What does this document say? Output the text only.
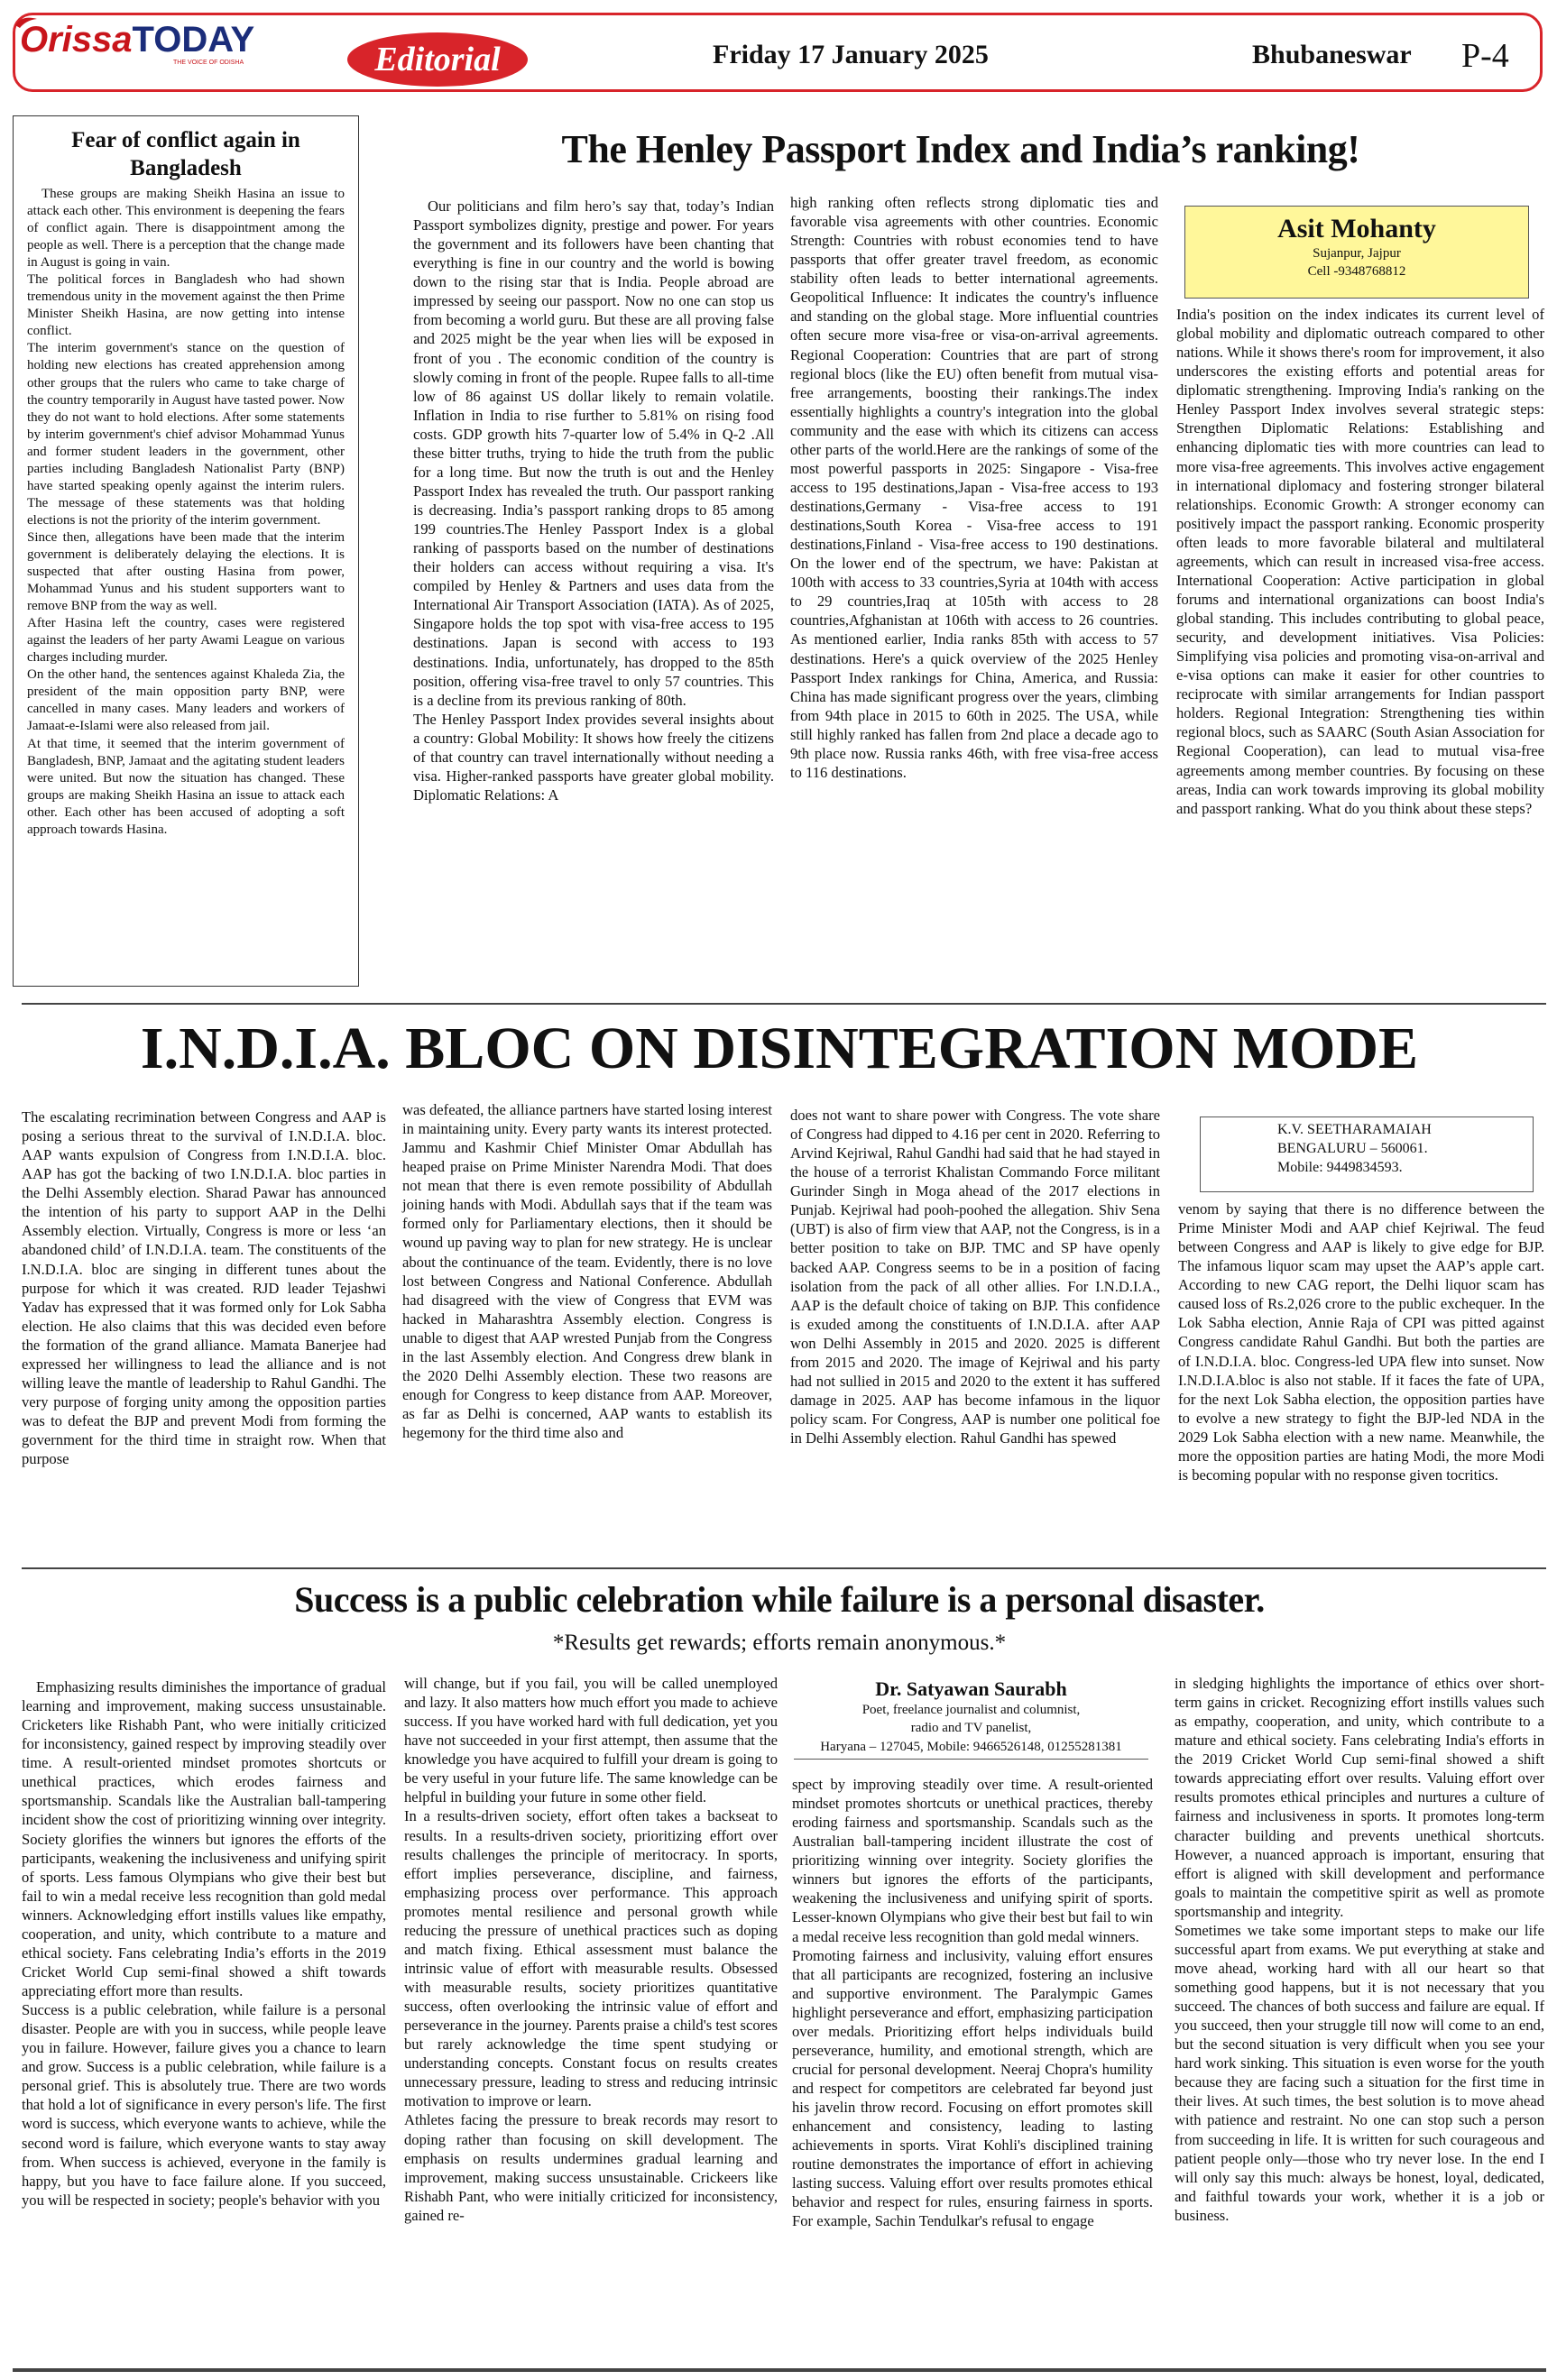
OrissaTODAY
THE VOICE OF ODISHA	Editorial	Friday 17 January 2025	Bhubaneswar P-4
Fear of conflict again in Bangladesh

These groups are making Sheikh Hasina an issue to attack each other. This environment is deepening the fears of conflict again. There is disappointment among the people as well. There is a perception that the change made in August is going in vain.

The political forces in Bangladesh who had shown tremendous unity in the movement against the then Prime Minister Sheikh Hasina, are now getting into intense conflict.

The interim government's stance on the question of holding new elections has created apprehension among other groups that the rulers who came to take charge of the country temporarily in August have tasted power. Now they do not want to hold elections. After some statements by interim government's chief advisor Mohammad Yunus and former student leaders in the government, other parties including Bangladesh Nationalist Party (BNP) have started speaking openly against the interim rulers. The message of these statements was that holding elections is not the priority of the interim government.

Since then, allegations have been made that the interim government is deliberately delaying the elections. It is suspected that after ousting Hasina from power, Mohammad Yunus and his student supporters want to remove BNP from the way as well.

After Hasina left the country, cases were registered against the leaders of her party Awami League on various charges including murder.

On the other hand, the sentences against Khaleda Zia, the president of the main opposition party BNP, were cancelled in many cases. Many leaders and workers of Jamaat-e-Islami were also released from jail.

At that time, it seemed that the interim government of Bangladesh, BNP, Jamaat and the agitating student leaders were united. But now the situation has changed. These groups are making Sheikh Hasina an issue to attack each other. Each other has been accused of adopting a soft approach towards Hasina.

The Henley Passport Index and India’s ranking!

Our politicians and film hero’s say that, today’s Indian Passport symbolizes dignity, prestige and power. For years the government and its followers have been chanting that everything is fine in our country and the world is bowing down to the rising star that is India. People abroad are impressed by seeing our passport. Now no one can stop us from becoming a world guru. But these are all proving false and 2025 might be the year when lies will be exposed in front of you . The economic condition of the country is slowly coming in front of the people. Rupee falls to all-time low of 86 against US dollar likely to remain volatile. Inflation in India to rise further to 5.81% on rising food costs. GDP growth hits 7-quarter low of 5.4% in Q-2 .All these bitter truths, trying to hide the truth from the public for a long time. But now the truth is out and the Henley Passport Index has revealed the truth. Our passport ranking is decreasing. India’s passport ranking drops to 85 among 199 countries.The Henley Passport Index is a global ranking of passports based on the number of destinations their holders can access without requiring a visa. It's compiled by Henley & Partners and uses data from the International Air Transport Association (IATA). As of 2025, Singapore holds the top spot with visa-free access to 195 destinations. Japan is second with access to 193 destinations. India, unfortunately, has dropped to the 85th position, offering visa-free travel to only 57 countries. This is a decline from its previous ranking of 80th.

The Henley Passport Index provides several insights about a country: Global Mobility: It shows how freely the citizens of that country can travel internationally without needing a visa. Higher-ranked passports have greater global mobility. Diplomatic Relations: A

high ranking often reflects strong diplomatic ties and favorable visa agreements with other countries. Economic Strength: Countries with robust economies tend to have passports that offer greater travel freedom, as economic stability often leads to better international agreements. Geopolitical Influence: It indicates the country's influence and standing on the global stage. More influential countries often secure more visa-free or visa-on-arrival agreements. Regional Cooperation: Countries that are part of strong regional blocs (like the EU) often benefit from mutual visa-free arrangements, boosting their rankings.The index essentially highlights a country's integration into the global community and the ease with which its citizens can access other parts of the world.Here are the rankings of some of the most powerful passports in 2025: Singapore - Visa-free access to 195 destinations,Japan - Visa-free access to 193 destinations,Germany - Visa-free access to 191 destinations,South Korea - Visa-free access to 191 destinations,Finland - Visa-free access to 190 destinations. On the lower end of the spectrum, we have: Pakistan at 100th with access to 33 countries,Syria at 104th with access to 29 countries,Iraq at 105th with access to 28 countries,Afghanistan at 106th with access to 26 countries. As mentioned earlier, India ranks 85th with access to 57 destinations. Here's a quick overview of the 2025 Henley Passport Index rankings for China, America, and Russia: China has made significant progress over the years, climbing from 94th place in 2015 to 60th in 2025. The USA, while still highly ranked has fallen from 2nd place a decade ago to 9th place now. Russia ranks 46th, with free visa-free access to 116 destinations.

Asit Mohanty
Sujanpur, Jajpur
Cell -9348768812

India's position on the index indicates its current level of global mobility and diplomatic outreach compared to other nations. While it shows there's room for improvement, it also underscores the existing efforts and potential areas for diplomatic strengthening. Improving India's ranking on the Henley Passport Index involves several strategic steps: Strengthen Diplomatic Relations: Establishing and enhancing diplomatic ties with more countries can lead to more visa-free agreements. This involves active engagement in international diplomacy and fostering stronger bilateral relationships. Economic Growth: A stronger economy can positively impact the passport ranking. Economic prosperity often leads to more favorable bilateral and multilateral agreements, which can result in increased visa-free access. International Cooperation: Active participation in global forums and international organizations can boost India's global standing. This includes contributing to global peace, security, and development initiatives. Visa Policies: Simplifying visa policies and promoting visa-on-arrival and e-visa options can make it easier for other countries to reciprocate with similar arrangements for Indian passport holders. Regional Integration: Strengthening ties within regional blocs, such as SAARC (South Asian Association for Regional Cooperation), can lead to mutual visa-free agreements among member countries. By focusing on these areas, India can work towards improving its global mobility and passport ranking. What do you think about these steps?

I.N.D.I.A. BLOC ON DISINTEGRATION MODE

The escalating recrimination between Congress and AAP is posing a serious threat to the survival of I.N.D.I.A. bloc. AAP wants expulsion of Congress from I.N.D.I.A. bloc. AAP has got the backing of two I.N.D.I.A. bloc parties in the Delhi Assembly election. Sharad Pawar has announced the intention of his party to support AAP in the Delhi Assembly election. Virtually, Congress is more or less ‘an abandoned child’ of I.N.D.I.A. team. The constituents of the I.N.D.I.A. bloc are singing in different tunes about the purpose for which it was created. RJD leader Tejashwi Yadav has expressed that it was formed only for Lok Sabha election. He also claims that this was decided even before the formation of the grand alliance. Mamata Banerjee had expressed her willingness to lead the alliance and is not willing leave the mantle of leadership to Rahul Gandhi. The very purpose of forging unity among the opposition parties was to defeat the BJP and prevent Modi from forming the government for the third time in straight row. When that purpose

was defeated, the alliance partners have started losing interest in maintaining unity. Every party wants its interest protected. Jammu and Kashmir Chief Minister Omar Abdullah has heaped praise on Prime Minister Narendra Modi. That does not mean that there is even remote possibility of Abdullah joining hands with Modi. Abdullah says that if the team was formed only for Parliamentary elections, then it should be wound up paving way to plan for new strategy. He is unclear about the continuance of the team. Evidently, there is no love lost between Congress and National Conference. Abdullah had disagreed with the view of Congress that EVM was hacked in Maharashtra Assembly election. Congress is unable to digest that AAP wrested Punjab from the Congress in the last Assembly election. And Congress drew blank in the 2020 Delhi Assembly election. These two reasons are enough for Congress to keep distance from AAP. Moreover, as far as Delhi is concerned, AAP wants to establish its hegemony for the third time also and

does not want to share power with Congress. The vote share of Congress had dipped to 4.16 per cent in 2020. Referring to Arvind Kejriwal, Rahul Gandhi had said that he had stayed in the house of a terrorist Khalistan Commando Force militant Gurinder Singh in Moga ahead of the 2017 elections in Punjab. Kejriwal had pooh-poohed the allegation. Shiv Sena (UBT) is also of firm view that AAP, not the Congress, is in a better position to take on BJP. TMC and SP have openly backed AAP. Congress seems to be in a position of facing isolation from the pack of all other allies. For I.N.D.I.A., AAP is the default choice of taking on BJP. This confidence is exuded among the constituents of I.N.D.I.A. after AAP won Delhi Assembly in 2015 and 2020. 2025 is different from 2015 and 2020. The image of Kejriwal and his party had not sullied in 2015 and 2020 to the extent it has suffered damage in 2025. AAP has become infamous in the liquor policy scam. For Congress, AAP is number one political foe in Delhi Assembly election. Rahul Gandhi has spewed

K.V. SEETHARAMAIAH
BENGALURU – 560061.
Mobile: 9449834593.

venom by saying that there is no difference between the Prime Minister Modi and AAP chief Kejriwal. The feud between Congress and AAP is likely to give edge for BJP. The infamous liquor scam may upset the AAP’s apple cart. According to new CAG report, the Delhi liquor scam has caused loss of Rs.2,026 crore to the public exchequer. In the Lok Sabha election, Annie Raja of CPI was pitted against Congress candidate Rahul Gandhi. But both the parties are of I.N.D.I.A. bloc. Congress-led UPA flew into sunset. Now I.N.D.I.A.bloc is also not stable. If it faces the fate of UPA, for the next Lok Sabha election, the opposition parties have to evolve a new strategy to fight the BJP-led NDA in the 2029 Lok Sabha election with a new name. Meanwhile, the more the opposition parties are hating Modi, the more Modi is becoming popular with no response given tocritics.

Success is a public celebration while failure is a personal disaster.
*Results get rewards; efforts remain anonymous.*

Emphasizing results diminishes the importance of gradual learning and improvement, making success unsustainable. Cricketers like Rishabh Pant, who were initially criticized for inconsistency, gained respect by improving steadily over time. A result-oriented mindset promotes shortcuts or unethical practices, which erodes fairness and sportsmanship. Scandals like the Australian ball-tampering incident show the cost of prioritizing winning over integrity. Society glorifies the winners but ignores the efforts of the participants, weakening the inclusiveness and unifying spirit of sports. Less famous Olympians who give their best but fail to win a medal receive less recognition than gold medal winners. Acknowledging effort instills values like empathy, cooperation, and unity, which contribute to a mature and ethical society. Fans celebrating India’s efforts in the 2019 Cricket World Cup semi-final showed a shift towards appreciating effort more than results.

Success is a public celebration, while failure is a personal disaster. People are with you in success, while people leave you in failure. However, failure gives you a chance to learn and grow. Success is a public celebration, while failure is a personal grief. This is absolutely true. There are two words that hold a lot of significance in every person's life. The first word is success, which everyone wants to achieve, while the second word is failure, which everyone wants to stay away from. When success is achieved, everyone in the family is happy, but you have to face failure alone. If you succeed, you will be respected in society; people's behavior with you

will change, but if you fail, you will be called unemployed and lazy. It also matters how much effort you made to achieve success. If you have worked hard with full dedication, yet you have not succeeded in your first attempt, then assume that the knowledge you have acquired to fulfill your dream is going to be very useful in your future life. The same knowledge can be helpful in building your future in some other field.

In a results-driven society, effort often takes a backseat to results. In a results-driven society, prioritizing effort over results challenges the principle of meritocracy. In sports, effort implies perseverance, discipline, and fairness, emphasizing process over performance. This approach promotes mental resilience and personal growth while reducing the pressure of unethical practices such as doping and match fixing. Ethical assessment must balance the intrinsic value of effort with measurable results. Obsessed with measurable results, society prioritizes quantitative success, often overlooking the intrinsic value of effort and perseverance in the journey. Parents praise a child's test scores but rarely acknowledge the time spent studying or understanding concepts. Constant focus on results creates unnecessary pressure, leading to stress and reducing intrinsic motivation to improve or learn.

Athletes facing the pressure to break records may resort to doping rather than focusing on skill development. The emphasis on results undermines gradual learning and improvement, making success unsustainable. Crickeers like Rishabh Pant, who were initially criticized for inconsistency, gained re-

Dr. Satyawan Saurabh
Poet, freelance journalist and columnist,
radio and TV panelist,
Haryana – 127045, Mobile: 9466526148, 01255281381

spect by improving steadily over time. A result-oriented mindset promotes shortcuts or unethical practices, thereby eroding fairness and sportsmanship. Scandals such as the Australian ball-tampering incident illustrate the cost of prioritizing winning over integrity. Society glorifies the winners but ignores the efforts of the participants, weakening the inclusiveness and unifying spirit of sports. Lesser-known Olympians who give their best but fail to win a medal receive less recognition than gold medal winners.

Promoting fairness and inclusivity, valuing effort ensures that all participants are recognized, fostering an inclusive and supportive environment. The Paralympic Games highlight perseverance and effort, emphasizing participation over medals. Prioritizing effort helps individuals build perseverance, humility, and emotional strength, which are crucial for personal development. Neeraj Chopra's humility and respect for competitors are celebrated far beyond just his javelin throw record. Focusing on effort promotes skill enhancement and consistency, leading to lasting achievements in sports. Virat Kohli's disciplined training routine demonstrates the importance of effort in achieving lasting success. Valuing effort over results promotes ethical behavior and respect for rules, ensuring fairness in sports. For example, Sachin Tendulkar's refusal to engage

in sledging highlights the importance of ethics over short-term gains in cricket. Recognizing effort instills values such as empathy, cooperation, and unity, which contribute to a mature and ethical society. Fans celebrating India's efforts in the 2019 Cricket World Cup semi-final showed a shift towards appreciating effort over results. Valuing effort over results promotes ethical principles and nurtures a culture of fairness and inclusiveness in sports. It promotes long-term character building and prevents unethical shortcuts. However, a nuanced approach is important, ensuring that effort is aligned with skill development and performance goals to maintain the competitive spirit as well as promote sportsmanship and integrity.

Sometimes we take some important steps to make our life successful apart from exams. We put everything at stake and move ahead, working hard with all our heart so that something good happens, but it is not necessary that you succeed. The chances of both success and failure are equal. If you succeed, then your struggle till now will come to an end, but the second situation is very difficult when you see your hard work sinking. This situation is even worse for the youth because they are facing such a situation for the first time in their lives. At such times, the best solution is to move ahead with patience and restraint. No one can stop such a person from succeeding in life. It is written for such courageous and patient people only—those who try never lose. In the end I will only say this much: always be honest, loyal, dedicated, and faithful towards your work, whether it is a job or business.
